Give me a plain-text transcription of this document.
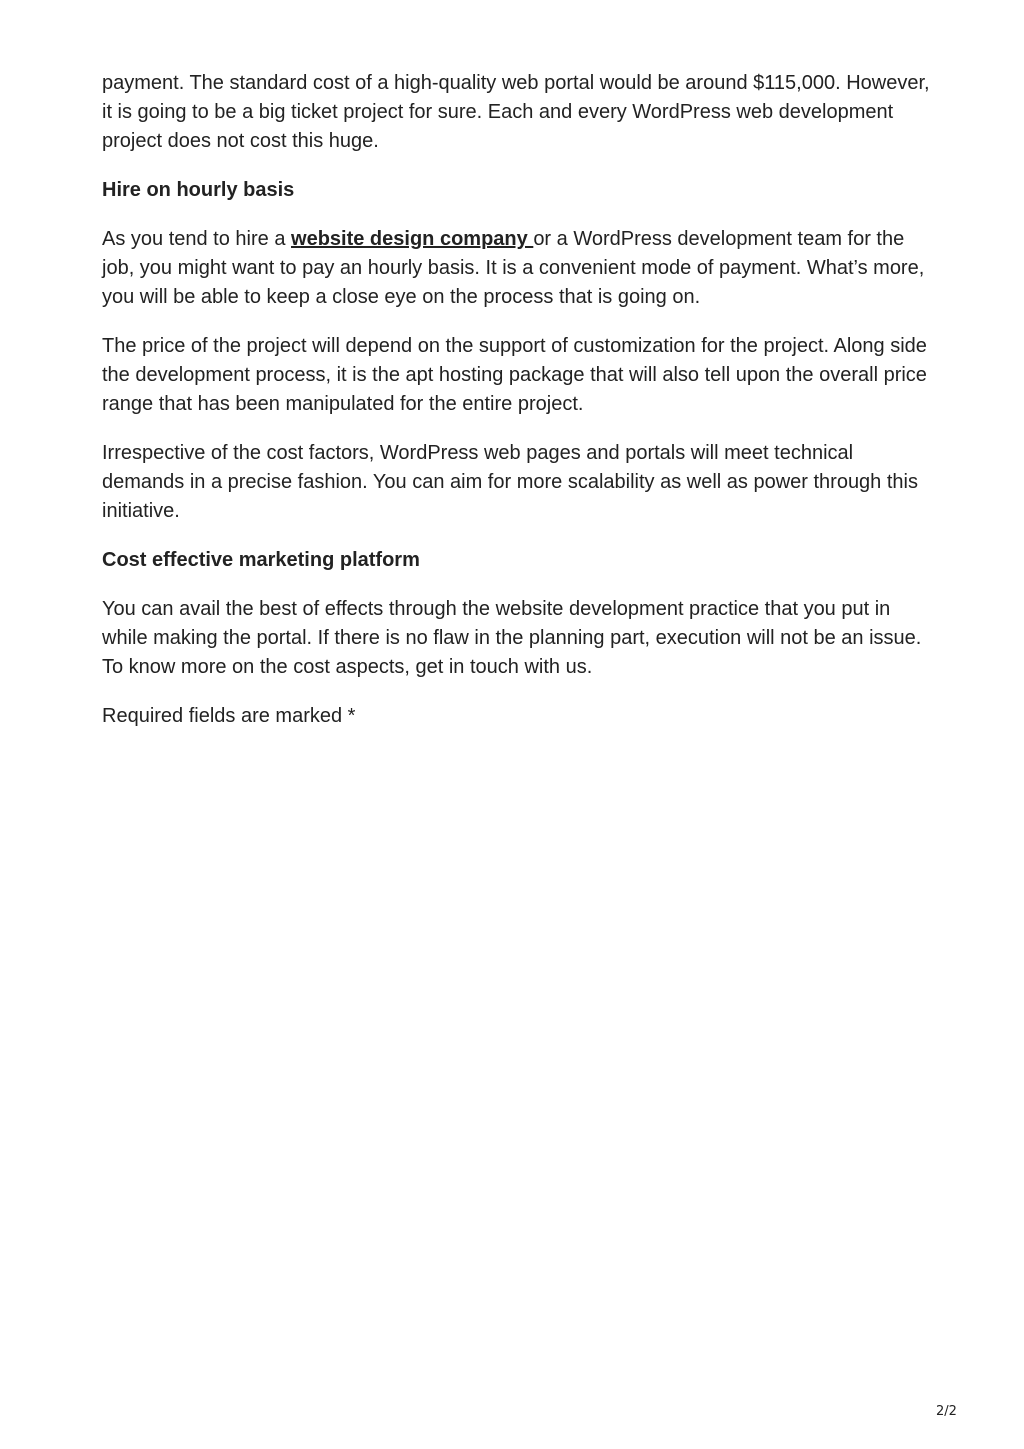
payment. The standard cost of a high-quality web portal would be around $115,000. However, it is going to be a big ticket project for sure. Each and every WordPress web development project does not cost this huge.

Hire on hourly basis

As you tend to hire a website design company or a WordPress development team for the job, you might want to pay an hourly basis. It is a convenient mode of payment. What’s more, you will be able to keep a close eye on the process that is going on.

The price of the project will depend on the support of customization for the project. Along side the development process, it is the apt hosting package that will also tell upon the overall price range that has been manipulated for the entire project.

Irrespective of the cost factors, WordPress web pages and portals will meet technical demands in a precise fashion. You can aim for more scalability as well as power through this initiative.

Cost effective marketing platform

You can avail the best of effects through the website development practice that you put in while making the portal. If there is no flaw in the planning part, execution will not be an issue. To know more on the cost aspects, get in touch with us.

Required fields are marked *

2/2
